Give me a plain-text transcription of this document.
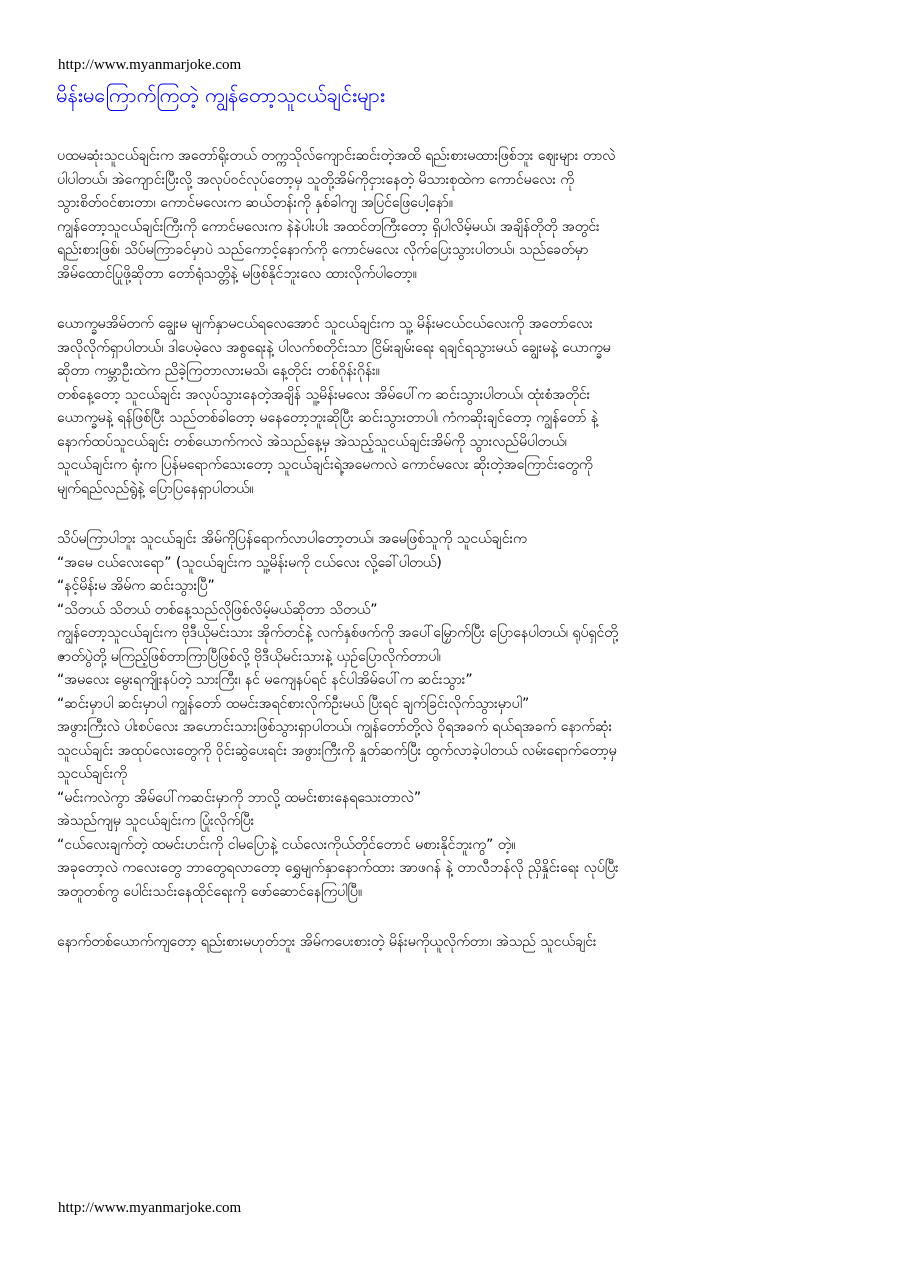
http://www.myanmarjoke.com
မိန်းမကြောက်ကြတဲ့ ကျွန်တော့သူငယ်ချင်းများ
ပထမဆုံးသူငယ်ချင်းက အတော်ရိုးတယ် တက္ကသိုလ်ကျောင်းဆင်းတဲ့အထိ ရည်းစားမထားဖြစ်ဘူး ဈေးများ တာလဲ
ပါပါတယ်၊ အဲကျောင်းပြီးလို့ အလုပ်ဝင်လုပ်တော့မှ သူတို့အိမ်ကိုငှားနေတဲ့ မိသားစုထဲက ကောင်မလေး ကို
သွားစိတ်ဝင်စားတာ၊ ကောင်မလေးက ဆယ်တန်းကို နှစ်ခါကျ အပြင်ဖြေပေါ့နော်။
ကျွန်တော့သူငယ်ချင်းကြီးကို ကောင်မလေးက နဲနဲပါးပါး အထင်တကြီးတော့ ရှိပါလိမ့်မယ်၊ အချိန်တိုတို အတွင်း
ရည်းစားဖြစ်၊ သိပ်မကြာခင်မှာပဲ သည်ကောင့်နောက်ကို ကောင်မလေး လိုက်ပြေးသွားပါတယ်၊ သည်ခေတ်မှာ
အိမ်ထောင်ပြုဖို့ဆိုတာ တော်ရုံသတ္တိနဲ့ မဖြစ်နိုင်ဘူးလေ ထားလိုက်ပါတော့။
ယောက္ခမအိမ်တက် ချွေးမ မျက်နှာမငယ်ရလေအောင် သူငယ်ချင်းက သူ့ မိန်းမငယ်ငယ်လေးကို အတော်လေး
အလိုလိုက်ရှာပါတယ်၊ ဒါပေမဲ့လေ အစွရေးနဲ့ ပါလက်စတိုင်းသာ ငြိမ်းချမ်းရေး ရချင်ရသွားမယ် ချွေးမနဲ့ ယောက္ခမ
ဆိုတာ ကမ္ဘာဦးထဲက ညိခဲ့ကြတာလားမသိ၊ နေ့တိုင်း တစ်ဂိုန်းဂိုန်း။
တစ်နေ့တော့ သူငယ်ချင်း အလုပ်သွားနေတဲ့အချိန် သူ့မိန်းမလေး အိမ်ပေါ်က ဆင်းသွားပါတယ်၊ ထုံးစံအတိုင်း
ယောက္ခမနဲ့ ရန်ဖြစ်ပြီး သည်တစ်ခါတော့ မနေတော့ဘူးဆိုပြီး ဆင်းသွားတာပါ၊ ကံကဆိုးချင်တော့ ကျွန်တော် နဲ့
နောက်ထပ်သူငယ်ချင်း တစ်ယောက်ကလဲ အဲသည်နေ့မှ အဲသည့်သူငယ်ချင်းအိမ်ကို သွားလည်မိပါတယ်၊
သူငယ်ချင်းက ရုံးက ပြန်မရောက်သေးတော့ သူငယ်ချင်းရဲ့အမေကလဲ ကောင်မလေး ဆိုးတဲ့အကြောင်းတွေကို
မျက်ရည်လည်ရွဲနဲ့ ပြောပြနေရှာပါတယ်။
သိပ်မကြာပါဘူး သူငယ်ချင်း အိမ်ကိုပြန်ရောက်လာပါတော့တယ်၊ အမေဖြစ်သူကို သူငယ်ချင်းက
“အမေ ငယ်လေးရော” (သူငယ်ချင်းက သူ့မိန်းမကို ငယ်လေး လို့ခေါ်ပါတယ်)
“နင့်မိန်းမ အိမ်က ဆင်းသွားပြီ”
“သိတယ် သိတယ် တစ်နေ့သည်လိုဖြစ်လိမ့်မယ်ဆိုတာ သိတယ်”
ကျွန်တော့သူငယ်ချင်းက ဗိုဒီယိုမင်းသား အိုက်တင်နဲ့ လက်နှစ်ဖက်ကို အပေါ်မြှောက်ပြီး ပြောနေပါတယ်၊ ရုပ်ရှင်တို့
ဇာတ်ပွဲတို့ မကြည့်ဖြစ်တာကြာပြီဖြစ်လို့ ဗိုဒီယိုမင်းသားနဲ့ ယှဉ်ပြောလိုက်တာပါ၊
“အမလေး မွေးရကျိုးနပ်တဲ့ သားကြီး၊ နင် မကျေနပ်ရင် နင်ပါအိမ်ပေါ်က ဆင်းသွား”
“ဆင်းမှာပါ ဆင်းမှာပါ ကျွန်တော် ထမင်းအရင်စားလိုက်ဦးမယ် ပြီးရင် ချက်ခြင်းလိုက်သွားမှာပါ”
အဖွားကြီးလဲ ပါးစပ်လေး အဟောင်းသားဖြစ်သွားရှာပါတယ်၊ ကျွန်တော်တို့လဲ ဝိုရအခက် ရယ်ရအခက် နောက်ဆုံး
သူငယ်ချင်း အထုပ်လေးတွေကို ဝိုင်းဆွဲပေးရင်း အဖွားကြီးကို နှုတ်ဆက်ပြီး ထွက်လာခဲ့ပါတယ် လမ်းရောက်တော့မှ
သူငယ်ချင်းကို
“မင်းကလဲကွာ အိမ်ပေါ်ကဆင်းမှာကို ဘာလို့ ထမင်းစားနေရသေးတာလဲ”
အဲသည်ကျမှ သူငယ်ချင်းက ပြုံးလိုက်ပြီး
“ငယ်လေးချက်တဲ့ ထမင်းဟင်းကို ငါမပြောနဲ့ ငယ်လေးကိုယ်တိုင်တောင် မစားနိုင်ဘူးကွ” တဲ့။
အခုတော့လဲ ကလေးတွေ ဘာတွေရလာတော့ ရွှေမျက်နှာနောက်ထား အာဖဂန် နဲ့ တာလီဘန်လို ညှိနှိုင်းရေး လုပ်ပြီး
အတူတစ်ကွ ပေါင်းသင်းနေထိုင်ရေးကို ဖော်ဆောင်နေကြပါပြီ။
နောက်တစ်ယောက်ကျတော့ ရည်းစားမဟုတ်ဘူး အိမ်ကပေးစားတဲ့ မိန်းမကိုယူလိုက်တာ၊ အဲသည် သူငယ်ချင်း
http://www.myanmarjoke.com
